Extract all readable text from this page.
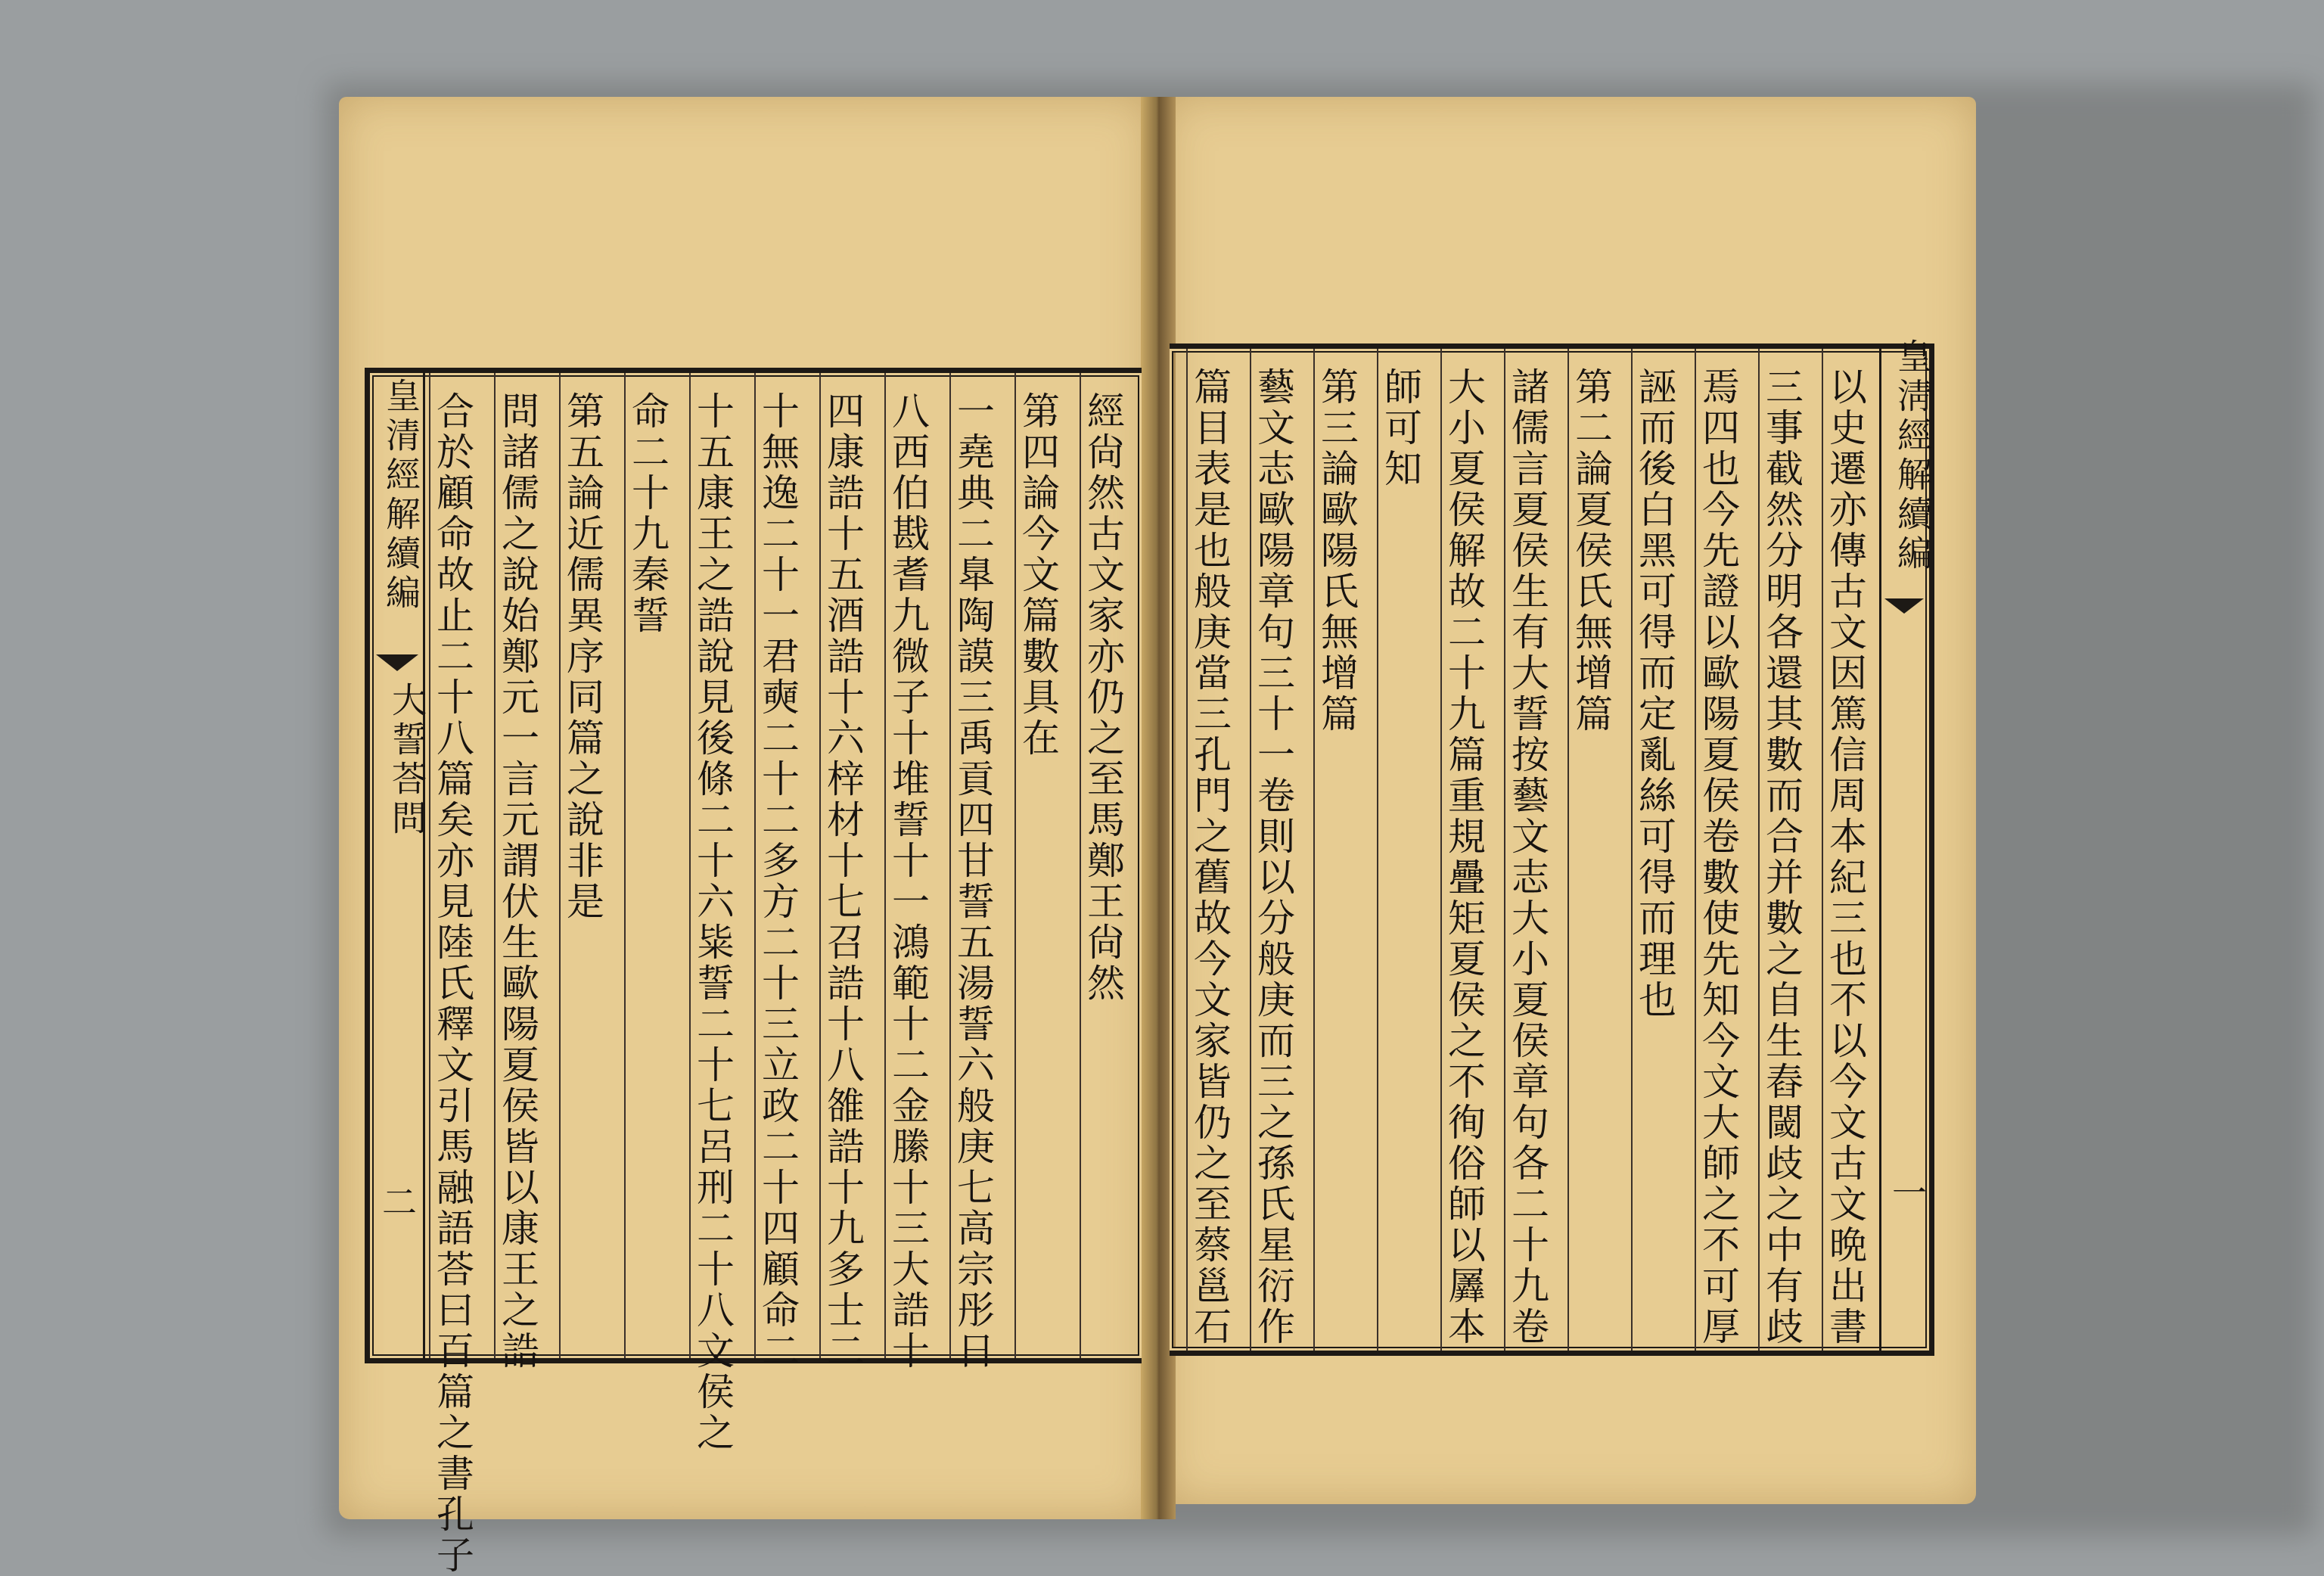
皇清經解續編
大誓荅問
二
經尙然古文家亦仍之至馬鄭王尙然
第四論今文篇數具在
一堯典二臯陶謨三禹貢四甘誓五湯誓六般庚七高宗彤日
八西伯戡耆九微子十堆誓十一鴻範十二金縢十三大誥十
四康誥十五酒誥十六梓材十七召誥十八雒誥十九多士二
十無逸二十一君奭二十二多方二十三立政二十四顧命二
十五康王之誥說見後條二十六粊誓二十七呂刑二十八文侯之
命二十九秦誓
第五論近儒異序同篇之說非是
問諸儒之說始鄭元一言元謂伏生歐陽夏侯皆以康王之誥
合於顧命故止二十八篇矣亦見陸氏釋文引馬融語荅曰百篇之書孔子	以史遷亦傳古文因篤信周本紀三也不以今文古文晩出書
三事截然分明各還其數而合并數之自生舂閾歧之中有歧
焉四也今先證以歐陽夏侯卷數使先知今文大師之不可厚
誣而後白黑可得而定亂絲可得而理也
第二論夏侯氏無增篇
諸儒言夏侯生有大誓按藝文志大小夏侯章句各二十九卷
大小夏侯解故二十九篇重規疊矩夏侯之不徇俗師以羼本
師可知
第三論歐陽氏無增篇
藝文志歐陽章句三十一卷則以分般庚而三之孫氏星衍作
篇目表是也般庚當三孔門之舊故今文家皆仍之至蔡邕石	皇淸經解續編
一
